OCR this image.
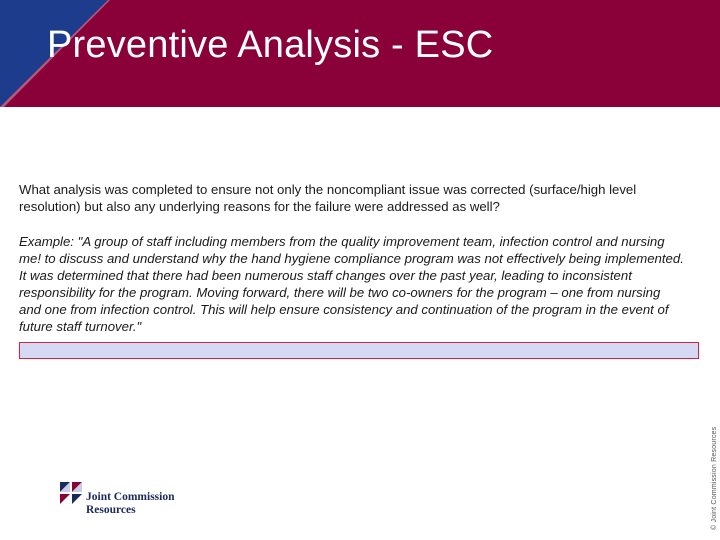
Preventive Analysis - ESC
What analysis was completed to ensure not only the noncompliant issue was corrected (surface/high level resolution) but also any underlying reasons for the failure were addressed as well?
Example: "A group of staff including members from the quality improvement team, infection control and nursing me! to discuss and understand why the hand hygiene compliance program was not effectively being implemented. It was determined that there had been numerous staff changes over the past year, leading to inconsistent responsibility for the program. Moving forward, there will be two co-owners for the program – one from nursing and one from infection control. This will help ensure consistency and continuation of the program in the event of future staff turnover."
© Joint Commission Resources
Joint Commission
Resources
